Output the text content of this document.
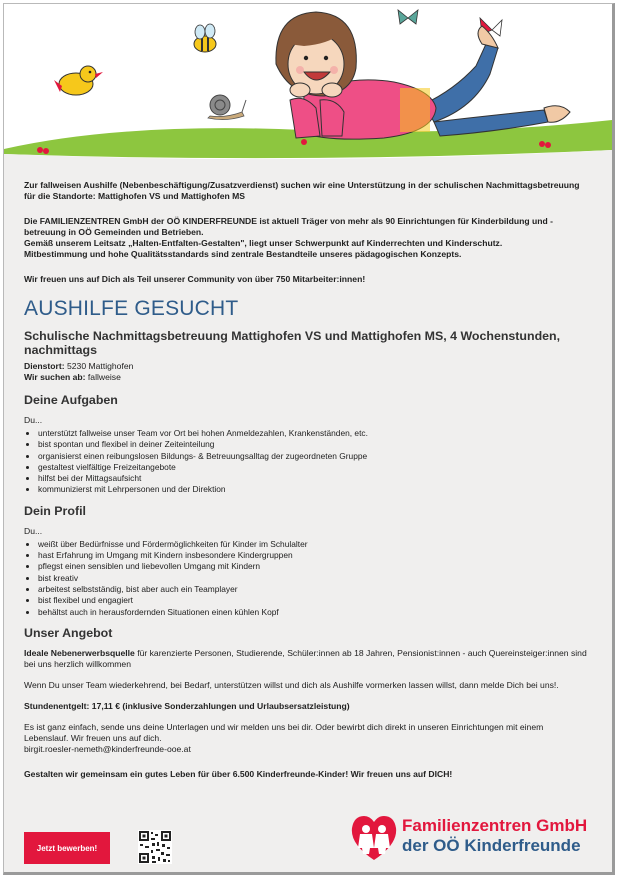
Zur fallweisen Aushilfe (Nebenbeschäftigung/Zusatzverdienst) suchen wir eine Unterstützung in der schulischen Nachmittagsbetreuung für die Standorte: Mattighofen VS und Mattighofen MS

Die FAMILIENZENTREN GmbH der OÖ KINDERFREUNDE ist aktuell Träger von mehr als 90 Einrichtungen für Kinderbildung und -betreuung in OÖ Gemeinden und Betrieben.
Gemäß unserem Leitsatz „Halten-Entfalten-Gestalten", liegt unser Schwerpunkt auf Kinderrechten und Kinderschutz.
Mitbestimmung und hohe Qualitätsstandards sind zentrale Bestandteile unseres pädagogischen Konzepts.

Wir freuen uns auf Dich als Teil unserer Community von über 750 Mitarbeiter:innen!

AUSHILFE GESUCHT
Schulische Nachmittagsbetreuung Mattighofen VS und Mattighofen MS, 4 Wochenstunden, nachmittags
Dienstort: 5230 Mattighofen
Wir suchen ab: fallweise
Deine Aufgaben
Du...
• unterstützt fallweise unser Team vor Ort bei hohen Anmeldezahlen, Krankenständen, etc.
• bist spontan und flexibel in deiner Zeiteinteilung
• organisierst einen reibungslosen Bildungs- & Betreuungsalltag der zugeordneten Gruppe
• gestaltest vielfältige Freizeitangebote
• hilfst bei der Mittagsaufsicht
• kommunizierst mit Lehrpersonen und der Direktion
Dein Profil
Du...
• weißt über Bedürfnisse und Fördermöglichkeiten für Kinder im Schulalter
• hast Erfahrung im Umgang mit Kindern insbesondere Kindergruppen
• pflegst einen sensiblen und liebevollen Umgang mit Kindern
• bist kreativ
• arbeitest selbstständig, bist aber auch ein Teamplayer
• bist flexibel und engagiert
• behältst auch in herausfordernden Situationen einen kühlen Kopf
Unser Angebot

Ideale Nebenerwerbsquelle für karenzierte Personen, Studierende, Schüler:innen ab 18 Jahren, Pensionist:innen - auch Quereinsteiger:innen sind bei uns herzlich willkommen

Wenn Du unser Team wiederkehrend, bei Bedarf, unterstützen willst und dich als Aushilfe vormerken lassen willst, dann melde Dich bei uns!.

Stundenentgelt: 17,11 € (inklusive Sonderzahlungen und Urlaubsersatzleistung)

Es ist ganz einfach, sende uns deine Unterlagen und wir melden uns bei dir. Oder bewirbt dich direkt in unseren Einrichtungen mit einem Lebenslauf. Wir freuen uns auf dich.
birgit.roesler-nemeth@kinderfreunde-ooe.at

Gestalten wir gemeinsam ein gutes Leben für über 6.500 Kinderfreunde-Kinder! Wir freuen uns auf DICH!

Jetzt bewerben!
Familienzentren GmbH
der OÖ Kinderfreunde
